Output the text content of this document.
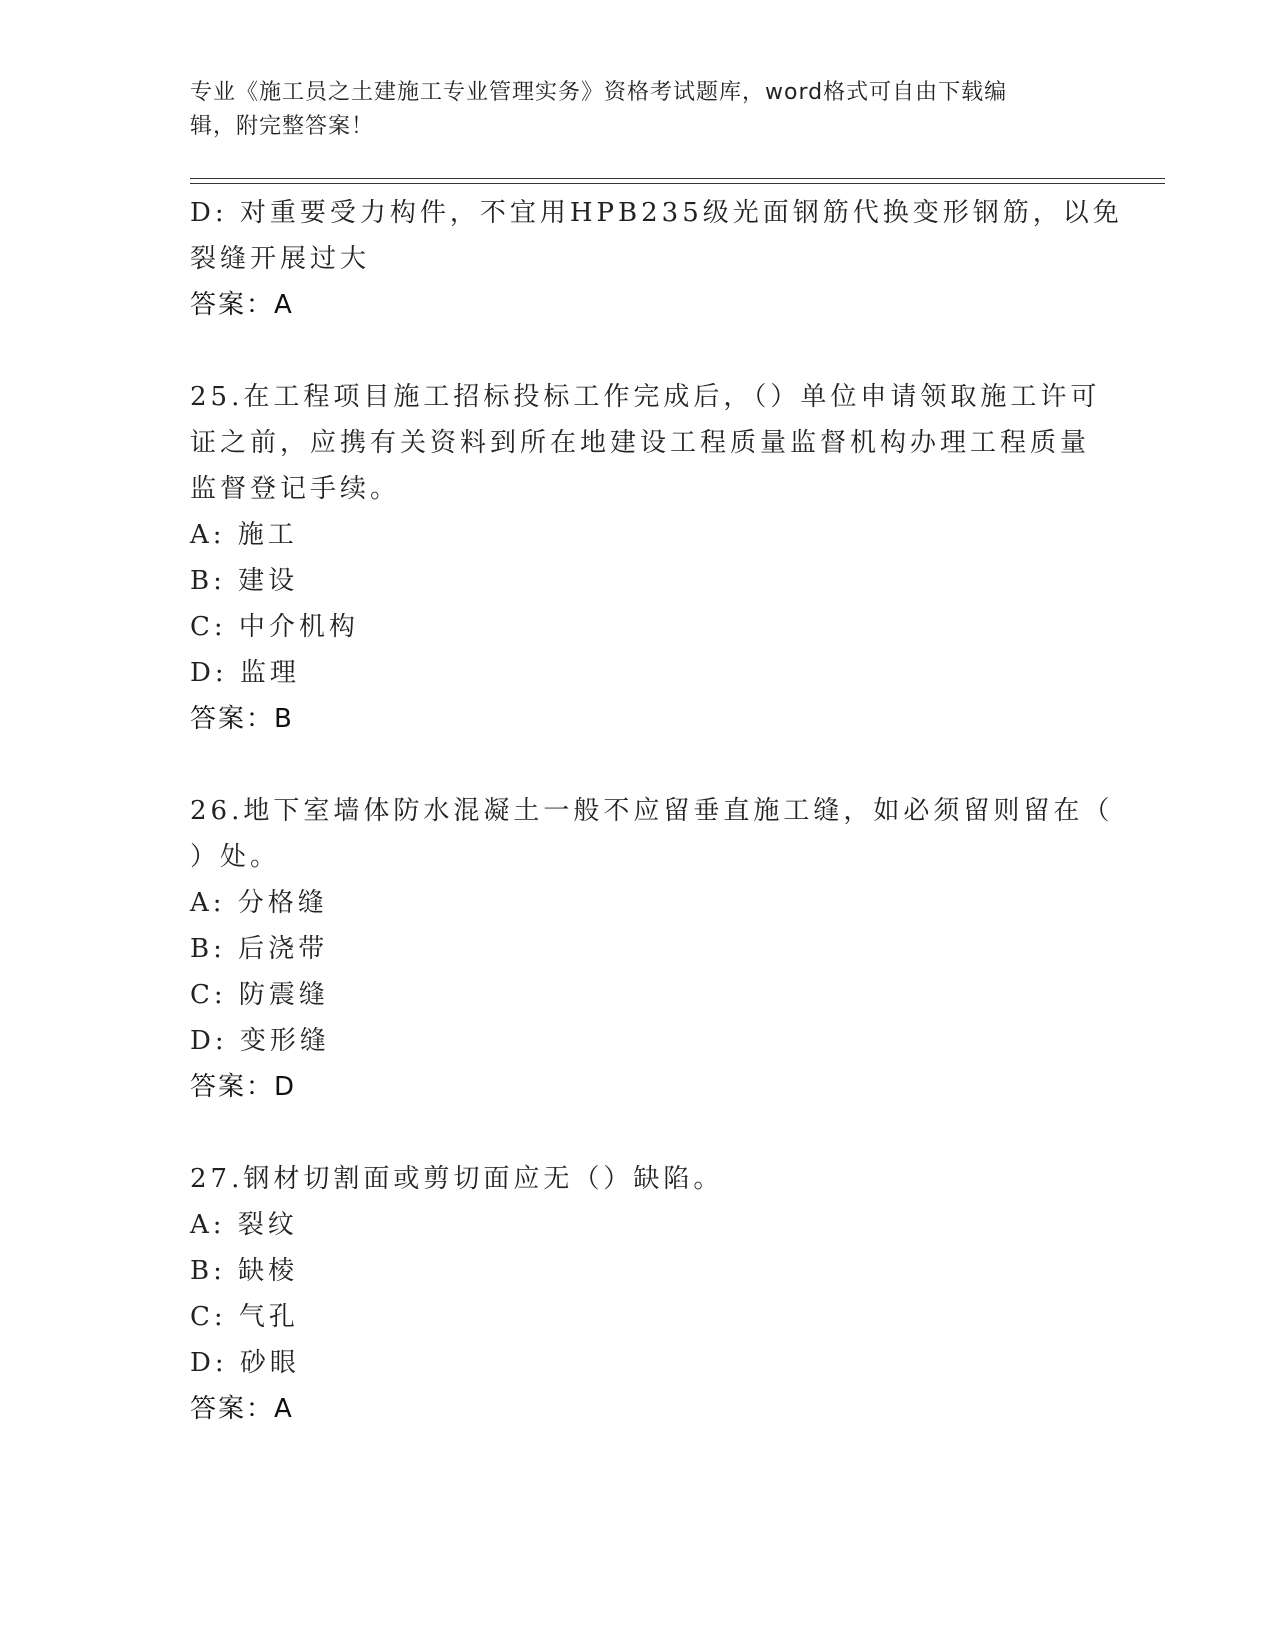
专业《施工员之土建施工专业管理实务》资格考试题库，word格式可自由下载编
辑，附完整答案！
D: 对重要受力构件，不宜用HPB235级光面钢筋代换变形钢筋，以免
裂缝开展过大
答案：A
25.在工程项目施工招标投标工作完成后，（）单位申请领取施工许可
证之前，应携有关资料到所在地建设工程质量监督机构办理工程质量
监督登记手续。
A: 施工
B: 建设
C: 中介机构
D: 监理
答案：B
26.地下室墙体防水混凝土一般不应留垂直施工缝，如必须留则留在（
）处。
A: 分格缝
B: 后浇带
C: 防震缝
D: 变形缝
答案：D
27.钢材切割面或剪切面应无（）缺陷。
A: 裂纹
B: 缺棱
C: 气孔
D: 砂眼
答案：A
